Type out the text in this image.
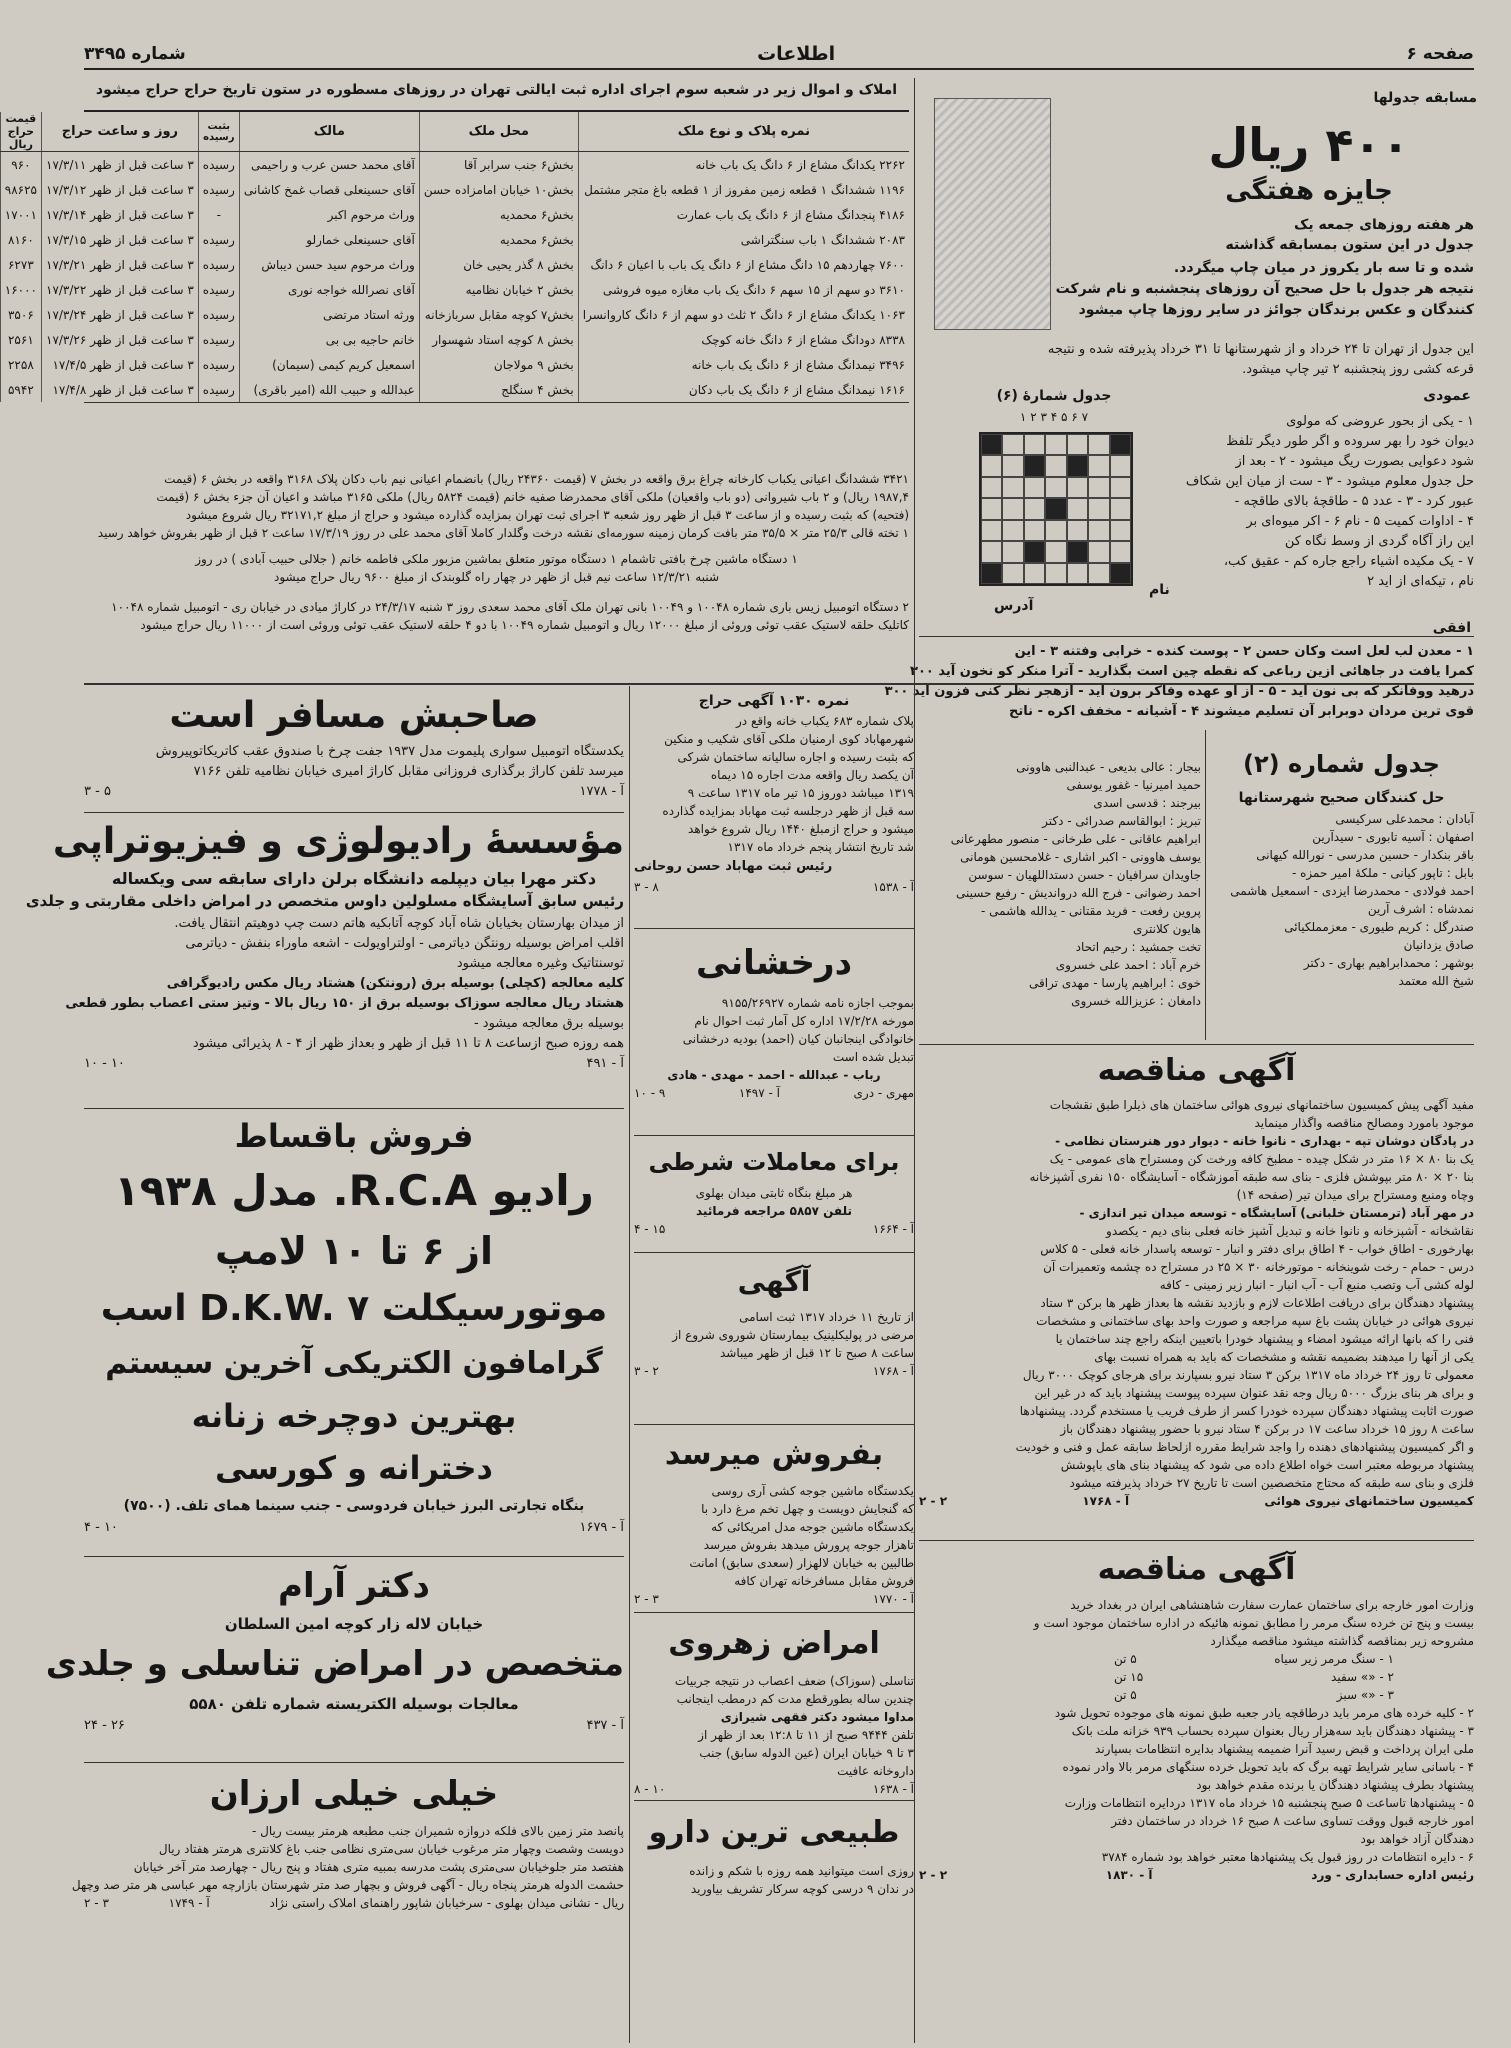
صفحه ۶
اطلاعات
شماره ۳۴۹۵
مسابقه جدولها
۴۰۰ ریال
جایزه هفتگی
هر هفته روزهای جمعه یک
جدول در این ستون بمسابقه گذاشته
شده و تا سه بار یکروز در میان چاپ میگردد.
نتیجه هر جدول با حل صحیح آن روزهای پنجشنبه و نام شرکت
کنندگان و عکس برندگان جوائز در سایر روزها چاپ میشود
این جدول از تهران تا ۲۴ خرداد و از شهرستانها تا ۳۱ خرداد پذیرفته شده و نتیجه
قرعه کشی روز پنجشنبه ۲ تیر چاپ میشود.
عمودی
جدول شمارهٔ (۶)
۷ ۶ ۵ ۴ ۳ ۲ ۱
نام
آدرس
۱ - یکی از بحور عروضی که مولوی
دیوان خود را بهر سروده و اگر طور دیگر تلفظ
شود دعوایی بصورت ریگ میشود - ۲ - بعد از
حل جدول معلوم میشود - ۳ - ست از میان این شکاف
عبور کرد - ۳ - عدد ۵ - طاقچهٔ بالای طاقچه -
۴ - اداوات کمیت ۵ - نام ۶ - اکر میوه‌ای بر
این راز آگاه گردی از وسط نگاه کن
۷ - یک مکیده اشیاء راجع جاره کم - عقیق کب،
نام ، تیکه‌ای از اید ۲
افقی
۱ - معدن لب لعل است وکان حسن ۲ - پوست کنده - خرابی وفتنه ۳ - این
کمرا یافت در جاهائی ازین رباعی که نقطه چین است بگذارید - آترا منکر کو نخون آید ۳۰۰
درهید ووفانکر که بی نون آید - ۵ - از او عهده وفاکر برون آید - ازهجر نظر کنی فزون آید ۳۰۰
قوی ترین مردان دوبرابر آن تسلیم میشوند ۴ - آشیانه - مخفف اکره - ناتح
املاک و اموال زیر در شعبه سوم اجرای اداره ثبت ایالتی تهران در روزهای مسطوره در ستون تاریخ حراج حراج میشود
نمره پلاک و نوع ملک	محل ملک	مالک	بثبت رسیده	روز و ساعت حراج	قیمت حراج ریال
۲۲۶۲ یکدانگ مشاع از ۶ دانگ یک باب خانه	بخش۶ جنب سرابر آقا	آقای محمد حسن عرب و راحیمی	رسیده	۳ ساعت قبل از ظهر ۱۷/۳/۱۱	۹۶۰
۱۱۹۶ ششدانگ ۱ قطعه زمین مفروز از ۱ قطعه باغ متجر مشتمل	بخش۱۰ خیابان امامزاده حسن	آقای حسینعلی قصاب غمخ کاشانی	رسیده	۳ ساعت قبل از ظهر ۱۷/۳/۱۲	۹۸۶۲۵
۴۱۸۶ پنجدانگ مشاع از ۶ دانگ یک باب عمارت	بخش۶ محمدیه	وراث مرحوم اکبر	-	۳ ساعت قبل از ظهر ۱۷/۳/۱۴	۱۷۰۰۱
۲۰۸۳ ششدانگ ۱ باب سنگتراشی	بخش۶ محمدیه	آقای حسینعلی خمارلو	رسیده	۳ ساعت قبل از ظهر ۱۷/۳/۱۵	۸۱۶۰
۷۶۰۰ چهاردهم ۱۵ دانگ مشاع از ۶ دانگ یک باب با اعیان ۶ دانگ	بخش ۸ گذر یحیی خان	وراث مرحوم سید حسن دیباش	رسیده	۳ ساعت قبل از ظهر ۱۷/۳/۲۱	۶۲۷۳
۳۶۱۰ دو سهم از ۱۵ سهم ۶ دانگ یک باب مغازه میوه فروشی	بخش ۲ خیابان نظامیه	آقای نصرالله خواجه نوری	رسیده	۳ ساعت قبل از ظهر ۱۷/۳/۲۲	۱۶۰۰۰
۱۰۶۳ یکدانگ مشاع از ۶ دانگ ۲ ثلث دو سهم از ۶ دانگ کاروانسرا	بخش۷ کوچه مقابل سربازخانه	ورثه استاد مرتضی	رسیده	۳ ساعت قبل از ظهر ۱۷/۳/۲۴	۳۵۰۶
۸۳۳۸ دودانگ مشاع از ۶ دانگ خانه کوچک	بخش ۸ کوچه استاد شهسوار	خانم حاجیه بی بی	رسیده	۳ ساعت قبل از ظهر ۱۷/۳/۲۶	۲۵۶۱
۳۴۹۶ نیمدانگ مشاع از ۶ دانگ یک باب خانه	بخش ۹ مولاجان	اسمعیل کریم کیمی (سیمان)	رسیده	۳ ساعت قبل از ظهر ۱۷/۴/۵	۲۲۵۸
۱۶۱۶ نیمدانگ مشاع از ۶ دانگ یک باب دکان	بخش ۴ سنگلج	عبدالله و حبیب الله (امیر باقری)	رسیده	۳ ساعت قبل از ظهر ۱۷/۴/۸	۵۹۴۲
۳۴۲۱ ششدانگ اعیانی یکباب کارخانه چراغ برق واقعه در بخش ۷ (قیمت ۲۴۳۶۰ ریال) بانضمام اعیانی نیم باب دکان پلاک ۳۱۶۸ واقعه در بخش ۶ (قیمت
۱۹۸۷,۴ ریال) و ۲ باب شیروانی (دو باب واقعیان) ملکی آقای محمدرضا صفیه خانم (قیمت ۵۸۲۴ ریال) ملکی ۳۱۶۵ مباشد و اعیان آن جزء بخش ۶ (قیمت
(فتحیه) که بثبت رسیده و از ساعت ۳ قبل از ظهر روز شعبه ۳ اجرای ثبت تهران بمزایده گذارده میشود و حراج از مبلغ ۳۲۱۷۱,۲ ریال شروع میشود
۱ تخته قالی ۲۵/۳ متر × ۳۵/۵ متر بافت کرمان زمینه سورمه‌ای نقشه درخت وگلدار کاملا آقای محمد علی در روز ۱۷/۳/۱۹ ساعت ۲ قبل از ظهر بفروش خواهد رسید
۱ دستگاه ماشین چرخ بافتی تاشمام ۱ دستگاه موتور متعلق بماشین مزبور ملکی فاطمه خانم ( جلالی حبیب آبادی ) در روز
شنبه ۱۲/۳/۲۱ ساعت نیم قبل از ظهر در چهار راه گلوبندک از مبلغ ۹۶۰۰ ریال حراج میشود
۲ دستگاه اتومبیل زیس باری شماره ۱۰۰۴۸ و ۱۰۰۴۹ بانی تهران ملک آقای محمد سعدی روز ۳ شنبه ۲۴/۳/۱۷ در کاراژ میادی در خیابان ری - اتومبیل شماره ۱۰۰۴۸
کاتلیک حلقه لاستیک عقب توئی وروئی از مبلغ ۱۲۰۰۰ ریال و اتومبیل شماره ۱۰۰۴۹ با دو ۴ حلقه لاستیک عقب توئی وروئی است از ۱۱۰۰۰ ریال حراج میشود
صاحبش مسافر است
یکدستگاه اتومبیل سواری پلیموت مدل ۱۹۳۷ جفت چرخ با صندوق عقب کاتریکاتوپیروش
میرسد تلفن کاراژ برگذاری فروزانی مقابل کاراژ امیری خیابان نظامیه تلفن ۷۱۶۶
آ - ۱۷۷۸
۵ - ۳
مؤسسهٔ رادیولوژی و فیزیوتراپی
دکتر مهرا بیان دیپلمه دانشگاه برلن دارای سابقه سی ویکساله
رئیس سابق آسایشگاه مسلولین داوس متخصص در امراض داخلی مقاربتی و جلدی
از میدان بهارستان بخیابان شاه آباد کوچه آتابکیه هاتم دست چپ دوهیتم انتقال یافت.
اقلب امراض بوسیله رونتگن دیاترمی - اولتراویولت - اشعه ماوراء بنفش - دیاترمی
توسنتاتیک وغیره معالجه میشود
کلیه معالجه (کچلی) بوسیله برق (رونتکن) هشتاد ریال مکس رادیوگرافی
هشتاد ریال معالجه سوزاک بوسیله برق از ۱۵۰ ریال بالا - وتیز ستی اعصاب بطور قطعی
بوسیله برق معالجه میشود -
همه روزه صبح ازساعت ۸ تا ۱۱ قبل از ظهر و بعداز ظهر از ۴ - ۸ پذیرائی میشود
آ - ۴۹۱
۱۰ - ۱۰
فروش باقساط
رادیو R.C.A. مدل ۱۹۳۸
از ۶ تا ۱۰ لامپ
موتورسیکلت D.K.W. ۷ اسب
گرامافون الکتریکی آخرین سیستم
بهترین دوچرخه زنانه
دخترانه و کورسی
بنگاه تجارتی البرز خیابان فردوسی - جنب سینما همای تلف. (۷۵۰۰)
آ - ۱۶۷۹
۱۰ - ۴
دکتر آرام
خیابان لاله زار کوچه امین السلطان
متخصص در امراض تناسلی و جلدی
معالجات بوسیله الکتریسته شماره تلفن ۵۵۸۰
آ - ۴۳۷
۲۶ - ۲۴
خیلی خیلی ارزان
پانصد متر زمین بالای فلکه دروازه شمیران جنب مطبعه هرمتر بیست ریال -
دویست وشصت وچهار متر مرغوب خیابان سی‌متری نظامی جنب باغ کلانتری هرمتر هفتاد ریال
هفتصد متر جلوخیابان سی‌متری پشت مدرسه بمبیه متری هفتاد و پنج ریال - چهارصد متر آخر خیابان
حشمت الدوله هرمتر پنجاه ریال - آگهی فروش و بچهار صد متر شهرستان بازارچه مهر عباسی هر متر صد وچهل
ریال - نشانی میدان بهلوی - سرخیابان شاپور راهنمای املاک راستی نژاد
آ - ۱۷۴۹
۳ - ۲
نمره ۱۰۳۰ آگهی حراج
پلاک شماره ۶۸۳ یکباب خانه واقع در
شهرمهاباد کوی ارمنیان ملکی آقای شکیب و منکین
که بثبت رسیده و اجاره سالیانه ساختمان شرکی
آن یکصد ریال واقعه مدت اجاره ۱۵ دیماه
۱۳۱۹ میباشد دوروز ۱۵ تیر ماه ۱۳۱۷ ساعت ۹
سه قبل از ظهر درجلسه ثبت مهاباد بمزایده گذارده
میشود و حراج ازمبلغ ۱۴۴۰ ریال شروع خواهد
شد تاریخ انتشار پنجم خرداد ماه ۱۳۱۷
رئیس ثبت مهاباد حسن روحانی
آ - ۱۵۳۸
۸ - ۳
درخشانی
بموجب اجازه نامه شماره ۹۱۵۵/۲۶۹۲۷
مورخه ۱۷/۲/۲۸ اداره کل آمار ثبت احوال نام
خانوادگی اینجانبان کیان (احمد) بودیه درخشانی
تبدیل شده است
رباب - عبدالله - احمد - مهدی - هادی
مهری - دری
آ - ۱۴۹۷
۹ - ۱۰
برای معاملات شرطی
هر مبلغ بنگاه ثابتی میدان بهلوی
تلفن ۵۸۵۷ مراجعه فرمائید
آ - ۱۶۶۴
۱۵ - ۴
آگهی
از تاریخ ۱۱ خرداد ۱۳۱۷ ثبت اسامی
مرضی در پولیکلینیک بیمارستان شوروی شروع از
ساعت ۸ صبح تا ۱۲ قبل از ظهر میباشد
آ - ۱۷۶۸
۲ - ۳
بفروش میرسد
یکدستگاه ماشین جوجه کشی آری روسی
که گنجایش دویست و چهل تخم مرغ دارد با
یکدستگاه ماشین جوجه مدل امریکائی که
تاهزار جوجه پرورش میدهد بفروش میرسد
طالبین به خیابان لالهزار (سعدی سابق) امانت
فروش مقابل مسافرخانه تهران کافه
آ - ۱۷۷۰
۳ - ۲
امراض زهروی
تناسلی (سوزاک) ضعف اعصاب در نتیجه جربیات
چندین ساله بطورقطع مدت کم درمطب اینجانب
مداوا میشود دکتر فقهی شیرازی
تلفن ۹۴۴۴ صبح از ۱۱ تا ۱۲:۸ بعد از ظهر از
۳ تا ۹ خیابان ایران (عین الدوله سابق) جنب
داروخانه عافیت
آ - ۱۶۳۸
۱۰ - ۸
طبیعی ترین دارو
روزی است میتوانید همه روزه با شکم و زانده
در ندان ۹ درسی کوچه سرکار تشریف بیاورید
جدول شماره (۲)
حل کنندگان صحیح شهرستانها
آبادان : محمدعلی سرکیسی
اصفهان : آسیه تابوری - سیدآرین
باقر بنکدار - حسین مدرسی - نورالله کیهانی
بابل : تاپور کیانی - ملکهٔ امیر حمزه -
احمد فولادی - محمدرضا ایزدی - اسمعیل هاشمی
نمدشاه : اشرف آرین
صندرگل : کریم طیوری - معزمملکیائی
صادق یزدانیان
بوشهر : محمدابراهیم بهاری - دکتر
شیخ الله معتمد
بیجار : عالی بدیعی - عبدالنبی هاوونی
حمید امیرنیا - غفور یوسفی
بیرجند : قدسی اسدی
تبریز : ابوالقاسم صدرائی - دکتر
ابراهیم عاقانی - علی طرخانی - منصور مطهرعانی
یوسف هاوونی - اکبر اشاری - غلامحسین هومانی
جاویدان سرافیان - حسن دستداللهیان - سوسن
احمد رضوانی - فرج الله درواندیش - رفیع حسینی
پروین رفعت - فرید مقتانی - یدالله هاشمی -
هایون کلانتری
تخت جمشید : رحیم اتحاد
خرم آباد : احمد علی خسروی
خوی : ابراهیم پارسا - مهدی تراقی
دامغان : عزیزالله خسروی
آگهی مناقصه
مفید آگهی پیش کمیسیون ساختمانهای نیروی هوائی ساختمان های ذیلرا طبق نقشجات
موجود بامورد ومصالح مناقصه واگذار مینماید
در پادگان دوشان تپه - بهداری - نانوا خانه - دیوار دور هنرستان نظامی -
یک بنا ۸۰ × ۱۶ متر در شکل چیده - مطبخ کافه ورخت کن ومستراح های عمومی - یک
بنا ۲۰ × ۸۰ متر بپوشش فلزی - بنای سه طبقه آموزشگاه - آسایشگاه ۱۵۰ نفری آشپزخانه
وچاه ومنبع ومستراح برای میدان تیر (صفحه ۱۴)
در مهر آباد (ترمستان خلبانی) آسایشگاه - توسعه میدان تیر اندازی -
نقاشخانه - آشپزخانه و نانوا خانه و تبدیل آشپز خانه فعلی بنای دیم - یکصدو
بهارخوری - اطاق خواب - ۴ اطاق برای دفتر و انبار - توسعه پاسدار خانه فعلی - ۵ کلاس
درس - حمام - رخت شوینخانه - موتورخانه ۳۰ × ۲۵ در مستراح ده چشمه وتعمیرات آن
لوله کشی آب وتصب منبع آب - آب انبار - انبار زیر زمینی - کافه
پیشنهاد دهندگان برای دریافت اطلاعات لازم و بازدید نقشه ها بعداز ظهر ها برکن ۳ ستاد
نیروی هوائی در خیابان پشت باغ سپه مراجعه و صورت واحد بهای ساختمانی و مشخصات
فنی را که بانها ارائه میشود امضاء و پیشنهاد خودرا باتعیین اینکه راجع چند ساختمان یا
یکی از آنها را میدهند بضمیمه نقشه و مشخصات که باید به همراه نسبت بهای
معمولی تا روز ۲۴ خرداد ماه ۱۳۱۷ برکن ۳ ستاد نیرو بسپارند برای هرجای کوچک ۳۰۰۰ ریال
و برای هر بنای بزرگ ۵۰۰۰ ریال وجه نقد عنوان سپرده پیوست پیشنهاد باید که در غیر این
صورت اثابت پیشنهاد دهندگان سپرده خودرا کسر از طرف فریب یا مستخدم گردد. پیشنهادها
ساعت ۸ روز ۱۵ خرداد ساعت ۱۷ در برکن ۴ ستاد نیرو با حضور پیشنهاد دهندگان باز
و اگر کمیسیون پیشنهادهای دهنده را واجد شرایط مقرره ازلحاظ سابقه عمل و فنی و خودیت
پیشنهاد مربوطه معتبر است خواه اطلاع داده می شود که پیشنهاد بنای های باپوشش
فلزی و بنای سه طبقه که محتاج متخصصین است تا تاریخ ۲۷ خرداد پذیرفته میشود
کمیسیون ساختمانهای نیروی هوائی
آ - ۱۷۶۸
۲ - ۲
آگهی مناقصه
وزارت امور خارجه برای ساختمان عمارت سفارت شاهنشاهی ایران در بغداد خرید
بیست و پنج تن خرده سنگ مرمر را مطابق نمونه هائیکه در اداره ساختمان موجود است و
مشروحه زیر بمناقصه گذاشته میشود مناقصه میگذارد
۱ - سنگ مرمر زیر سیاه
۵ تن
۲ - «» سفید
۱۵ تن
۳ - «» سبز
۵ تن
۲ - کلیه خرده های مرمر باید درطاقچه یادر جعبه طبق نمونه های موجوده تحویل شود
۳ - پیشنهاد دهندگان باید سه‌هزار ریال بعنوان سپرده بحساب ۹۳۹ خزانه ملت بانک
ملی ایران پرداخت و قبض رسید آنرا ضمیمه پیشنهاد بدایره انتظامات بسپارند
۴ - باسانی سایر شرایط تهیه برگ که باید تحویل خرده سنگهای مرمر بالا وادر نموده
پیشنهاد بطرف پیشنهاد دهندگان یا برنده مقدم خواهد بود
۵ - پیشنهادها تاساعت ۵ صبح پنجشنبه ۱۵ خرداد ماه ۱۳۱۷ دردایره انتظامات وزارت
امور خارجه قبول ووقت تساوی ساعت ۸ صبح ۱۶ خرداد در ساختمان دفتر
دهندگان آزاد خواهد بود
۶ - دایره انتظامات در روز قبول یک پیشنهادها معتبر خواهد بود شماره ۳۷۸۴
رئیس اداره حسابداری - ورد
آ - ۱۸۳۰
۲ - ۲
